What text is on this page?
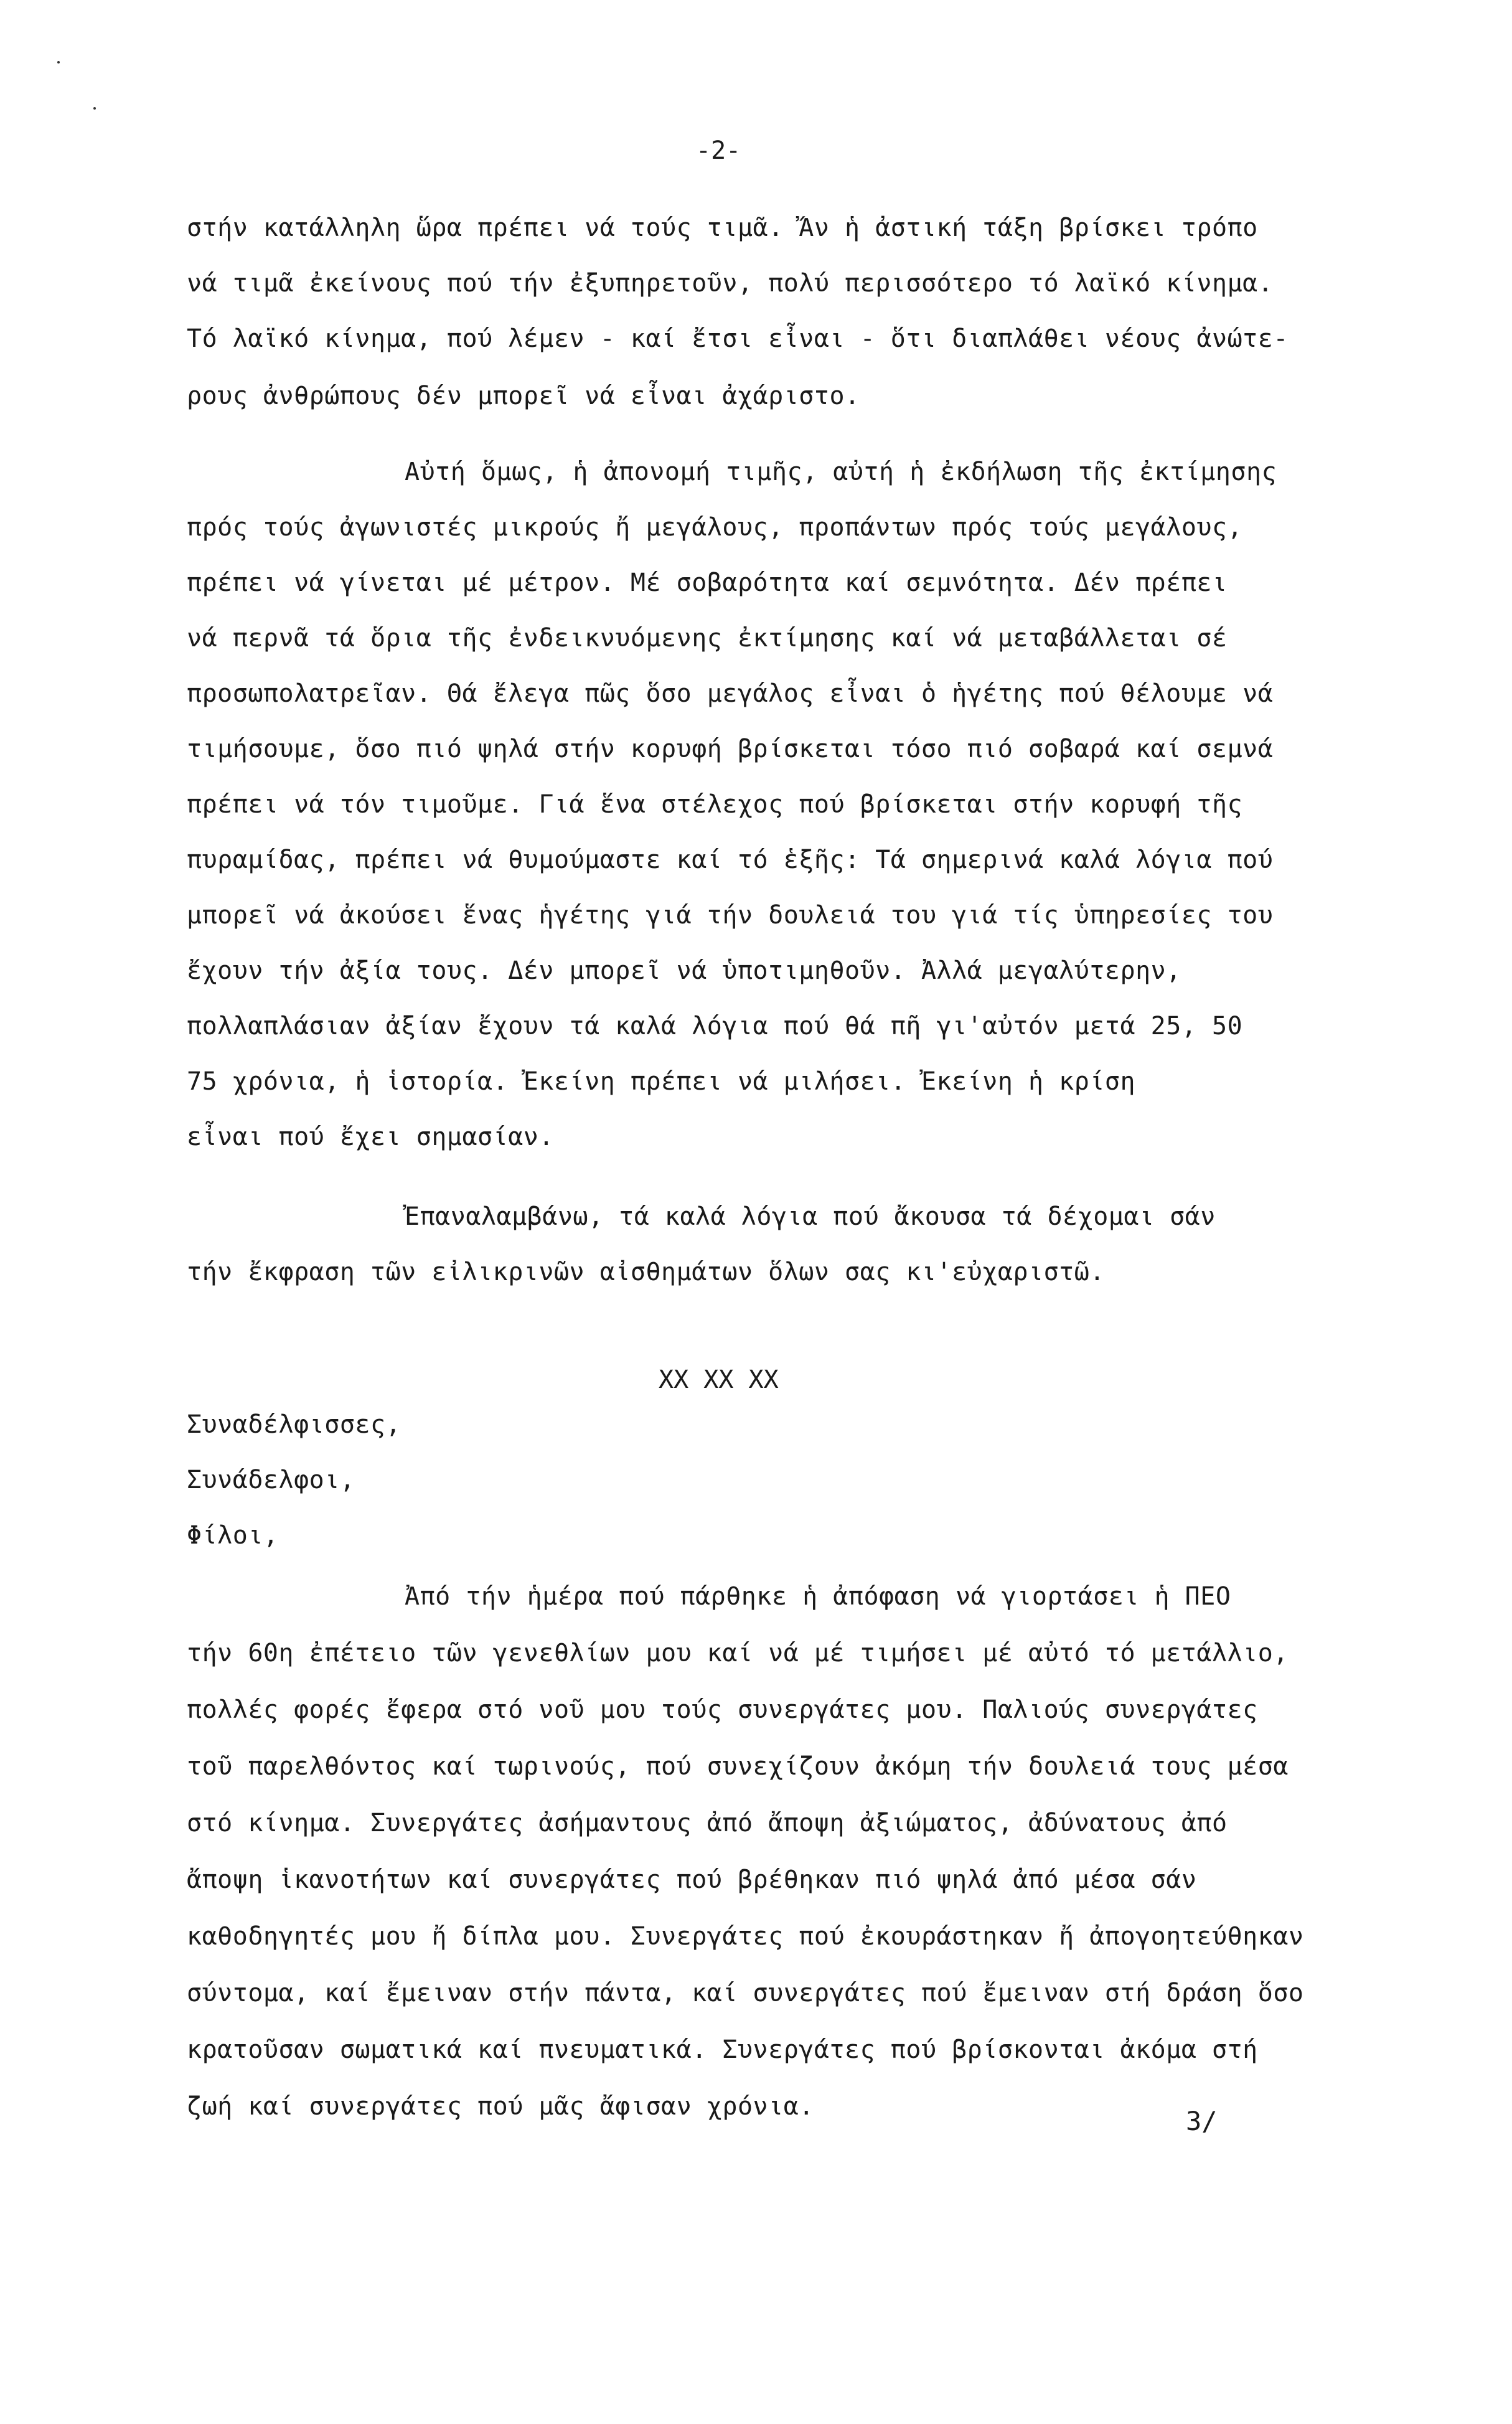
-2-
στήν κατάλληλη ὥρα πρέπει νά τούς τιμᾶ. Ἄν ἡ ἀστική τάξη βρίσκει τρόπο
νά τιμᾶ ἐκείνους πού τήν ἐξυπηρετοῦν, πολύ περισσότερο τό λαϊκό κίνημα.
Τό λαϊκό κίνημα, πού λέμεν - καί ἔτσι εἶναι - ὅτι διαπλάθει νέους ἀνώτε-
ρους ἀνθρώπους δέν μπορεῖ νά εἶναι ἀχάριστο.
Αὐτή ὅμως, ἡ ἀπονομή τιμῆς, αὐτή ἡ ἐκδήλωση τῆς ἐκτίμησης
πρός τούς ἀγωνιστές μικρούς ἤ μεγάλους, προπάντων πρός τούς μεγάλους,
πρέπει νά γίνεται μέ μέτρον. Μέ σοβαρότητα καί σεμνότητα. Δέν πρέπει
νά περνᾶ τά ὅρια τῆς ἐνδεικνυόμενης ἐκτίμησης καί νά μεταβάλλεται σέ
προσωπολατρεῖαν. Θά ἔλεγα πῶς ὅσο μεγάλος εἶναι ὁ ἡγέτης πού θέλουμε νά
τιμήσουμε, ὅσο πιό ψηλά στήν κορυφή βρίσκεται τόσο πιό σοβαρά καί σεμνά
πρέπει νά τόν τιμοῦμε. Γιά ἕνα στέλεχος πού βρίσκεται στήν κορυφή τῆς
πυραμίδας, πρέπει νά θυμούμαστε καί τό ἑξῆς: Τά σημερινά καλά λόγια πού
μπορεῖ νά ἀκούσει ἕνας ἡγέτης γιά τήν δουλειά του γιά τίς ὑπηρεσίες του
ἔχουν τήν ἀξία τους. Δέν μπορεῖ νά ὑποτιμηθοῦν. Ἀλλά μεγαλύτερην,
πολλαπλάσιαν ἀξίαν ἔχουν τά καλά λόγια πού θά πῆ γι'αὐτόν μετά 25, 50
75 χρόνια, ἡ ἱστορία. Ἐκείνη πρέπει νά μιλήσει. Ἐκείνη ἡ κρίση
εἶναι πού ἔχει σημασίαν.
Ἐπαναλαμβάνω, τά καλά λόγια πού ἄκουσα τά δέχομαι σάν
τήν ἔκφραση τῶν εἰλικρινῶν αἰσθημάτων ὅλων σας κι'εὐχαριστῶ.
ΧΧ ΧΧ ΧΧ
Συναδέλφισσες,
Συνάδελφοι,
Φίλοι,
Ἀπό τήν ἡμέρα πού πάρθηκε ἡ ἀπόφαση νά γιορτάσει ἡ ΠΕΟ
τήν 60η ἐπέτειο τῶν γενεθλίων μου καί νά μέ τιμήσει μέ αὐτό τό μετάλλιο,
πολλές φορές ἔφερα στό νοῦ μου τούς συνεργάτες μου. Παλιούς συνεργάτες
τοῦ παρελθόντος καί τωρινούς, πού συνεχίζουν ἀκόμη τήν δουλειά τους μέσα
στό κίνημα. Συνεργάτες ἀσήμαντους ἀπό ἄποψη ἀξιώματος, ἀδύνατους ἀπό
ἄποψη ἱκανοτήτων καί συνεργάτες πού βρέθηκαν πιό ψηλά ἀπό μέσα σάν
καθοδηγητές μου ἤ δίπλα μου. Συνεργάτες πού ἐκουράστηκαν ἤ ἀπογοητεύθηκαν
σύντομα, καί ἔμειναν στήν πάντα, καί συνεργάτες πού ἔμειναν στή δράση ὅσο
κρατοῦσαν σωματικά καί πνευματικά. Συνεργάτες πού βρίσκονται ἀκόμα στή
ζωή καί συνεργάτες πού μᾶς ἄφισαν χρόνια.	3/
